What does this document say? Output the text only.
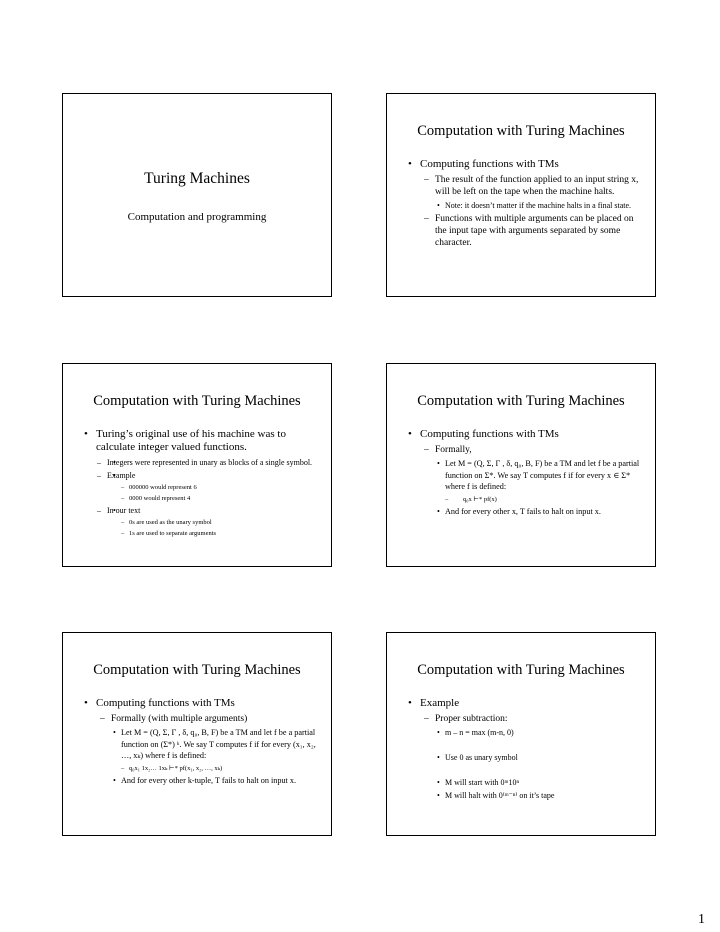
Turing Machines
Computation and programming
Computation with Turing Machines
• Computing functions with TMs
– The result of the function applied to an input string x, will be left on the tape when the machine halts.
• Note: it doesn’t matter if the machine halts in a final state.
– Functions with multiple arguments can be placed on the input tape with arguments separated by some character.
Computation with Turing Machines
• Turing’s original use of his machine was to calculate integer valued functions.
• – Integers were represented in unary as blocks of a single symbol.
• – Example
– 000000 would represent 6
– 0000 would represent 4
• – In our text
– 0s are used as the unary symbol
– 1s are used to separate arguments
Computation with Turing Machines
• Computing functions with TMs
– Formally,
• Let M = (Q, Σ, Γ , δ, q₀, B, F) be a TM and let f be a partial function on Σ*. We say T computes f if for every x ∈ Σ* where f is defined:
– q₀x ⊢* pf(x)
• And for every other x, T fails to halt on input x.
Computation with Turing Machines
• Computing functions with TMs
– Formally (with multiple arguments)
• Let M = (Q, Σ, Γ , δ, q₀, B, F) be a TM and let f be a partial function on (Σ*) ᵏ. We say T computes f if for every (x₁, x₂, …, xₖ) where f is defined:
– q₀x₁ 1x₂… 1xₖ ⊢* pf(x₁, x₂, …, xₖ)
• And for every other k-tuple, T fails to halt on input x.
Computation with Turing Machines
• Example
– Proper subtraction:
• m – n = max (m-n, 0)
• Use 0 as unary symbol
• M will start with 0ᵐ10ⁿ
• M will halt with 0⁽ᵐ⁻ⁿ⁾ on it’s tape
1
